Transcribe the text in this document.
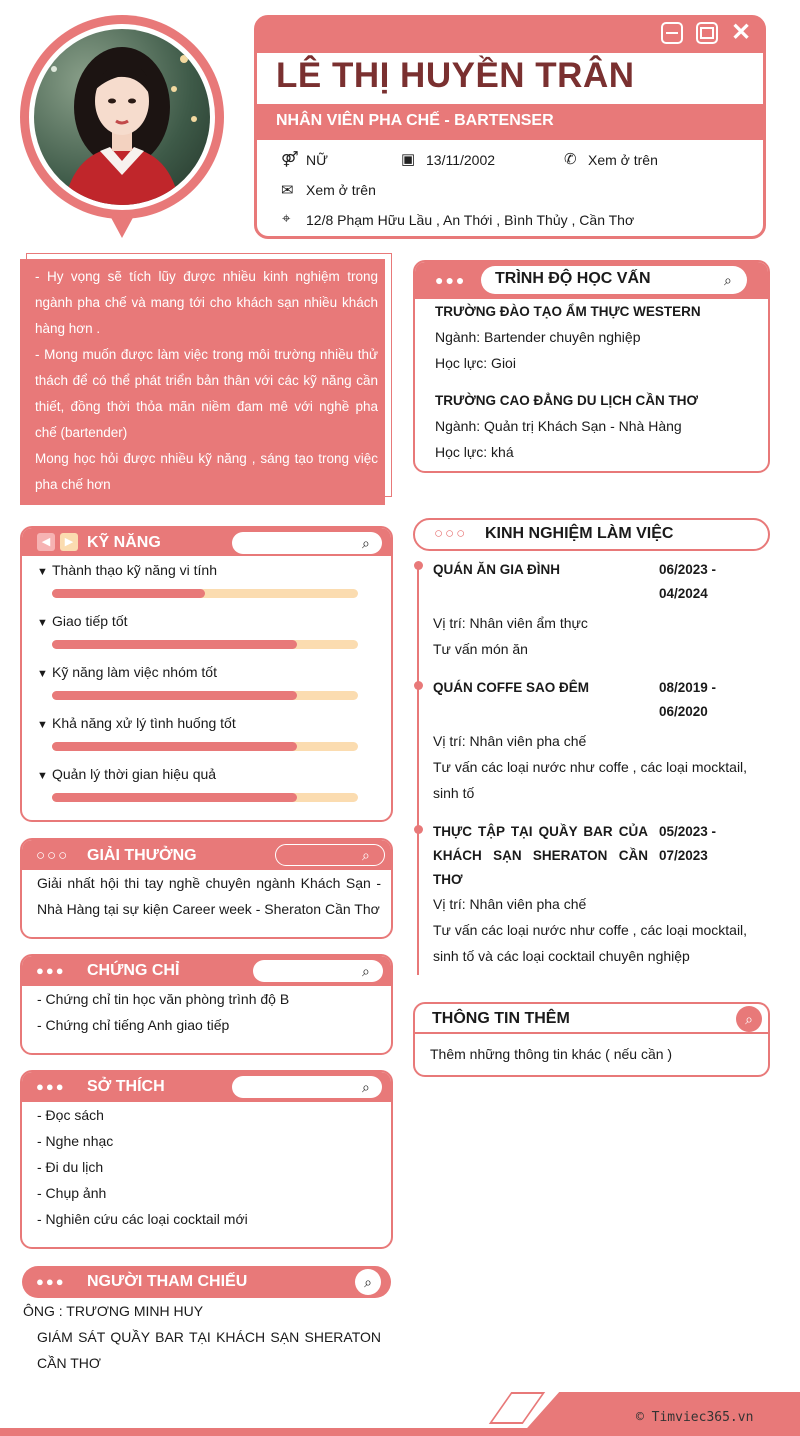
✕
LÊ THỊ HUYỀN TRÂN
NHÂN VIÊN PHA CHẾ - BARTENSER
⚤ NỮ	▣ 13/11/2002	✆ Xem ở trên
✉ Xem ở trên
⌖ 12/8 Phạm Hữu Lầu , An Thới , Bình Thủy , Cần Thơ
- Hy vọng sẽ tích lũy được nhiều kinh nghiệm trong ngành pha chế và mang tới cho khách sạn nhiều khách hàng hơn .
- Mong muốn được làm việc trong môi trường nhiều thử thách để có thể phát triển bản thân với các kỹ năng cần thiết, đồng thời thỏa mãn niềm đam mê với nghề pha chế (bartender)
Mong học hỏi được nhiều kỹ năng , sáng tạo trong việc pha chế hơn
●●● TRÌNH ĐỘ HỌC VẤN	⌕
TRƯỜNG ĐÀO TẠO ẨM THỰC WESTERN
Ngành: Bartender chuyên nghiệp
Học lực: Gioi
TRƯỜNG CAO ĐẲNG DU LỊCH CẦN THƠ
Ngành: Quản trị Khách Sạn - Nhà Hàng
Học lực: khá
◀	▶ KỸ NĂNG	⌕
▼ Thành thạo kỹ năng vi tính
▼ Giao tiếp tốt
▼ Kỹ năng làm việc nhóm tốt
▼ Khả năng xử lý tình huống tốt
▼ Quản lý thời gian hiệu quả
○○○ GIẢI THƯỞNG	⌕
Giải nhất hội thi tay nghề chuyên ngành Khách Sạn -
Nhà Hàng tại sự kiện Career week - Sheraton Cần Thơ
●●● CHỨNG CHỈ	⌕
- Chứng chỉ tin học văn phòng trình độ B
- Chứng chỉ tiếng Anh giao tiếp
●●● SỞ THÍCH	⌕
- Đọc sách
- Nghe nhạc
- Đi du lịch
- Chụp ảnh
- Nghiên cứu các loại cocktail mới
●●● NGƯỜI THAM CHIẾU	⌕
ÔNG : TRƯƠNG MINH HUY
GIÁM SÁT QUẦY BAR TẠI KHÁCH SẠN SHERATON
CẦN THƠ
○○○ KINH NGHIỆM LÀM VIỆC
QUÁN ĂN GIA ĐÌNH	06/2023 -
04/2024
Vị trí: Nhân viên ẩm thực
Tư vấn món ăn
QUÁN COFFE SAO ĐÊM	08/2019 -
06/2020
Vị trí: Nhân viên pha chế
Tư vấn các loại nước như coffe , các loại mocktail,
sinh tố
THỰC TẬP TẠI QUẦY BAR CỦA
KHÁCH SẠN SHERATON CẦN
THƠ
05/2023 -
07/2023
Vị trí: Nhân viên pha chế
Tư vấn các loại nước như coffe , các loại mocktail,
sinh tố và các loại cocktail chuyên nghiệp
THÔNG TIN THÊM	⌕
Thêm những thông tin khác ( nếu cần )
© Timviec365.vn
